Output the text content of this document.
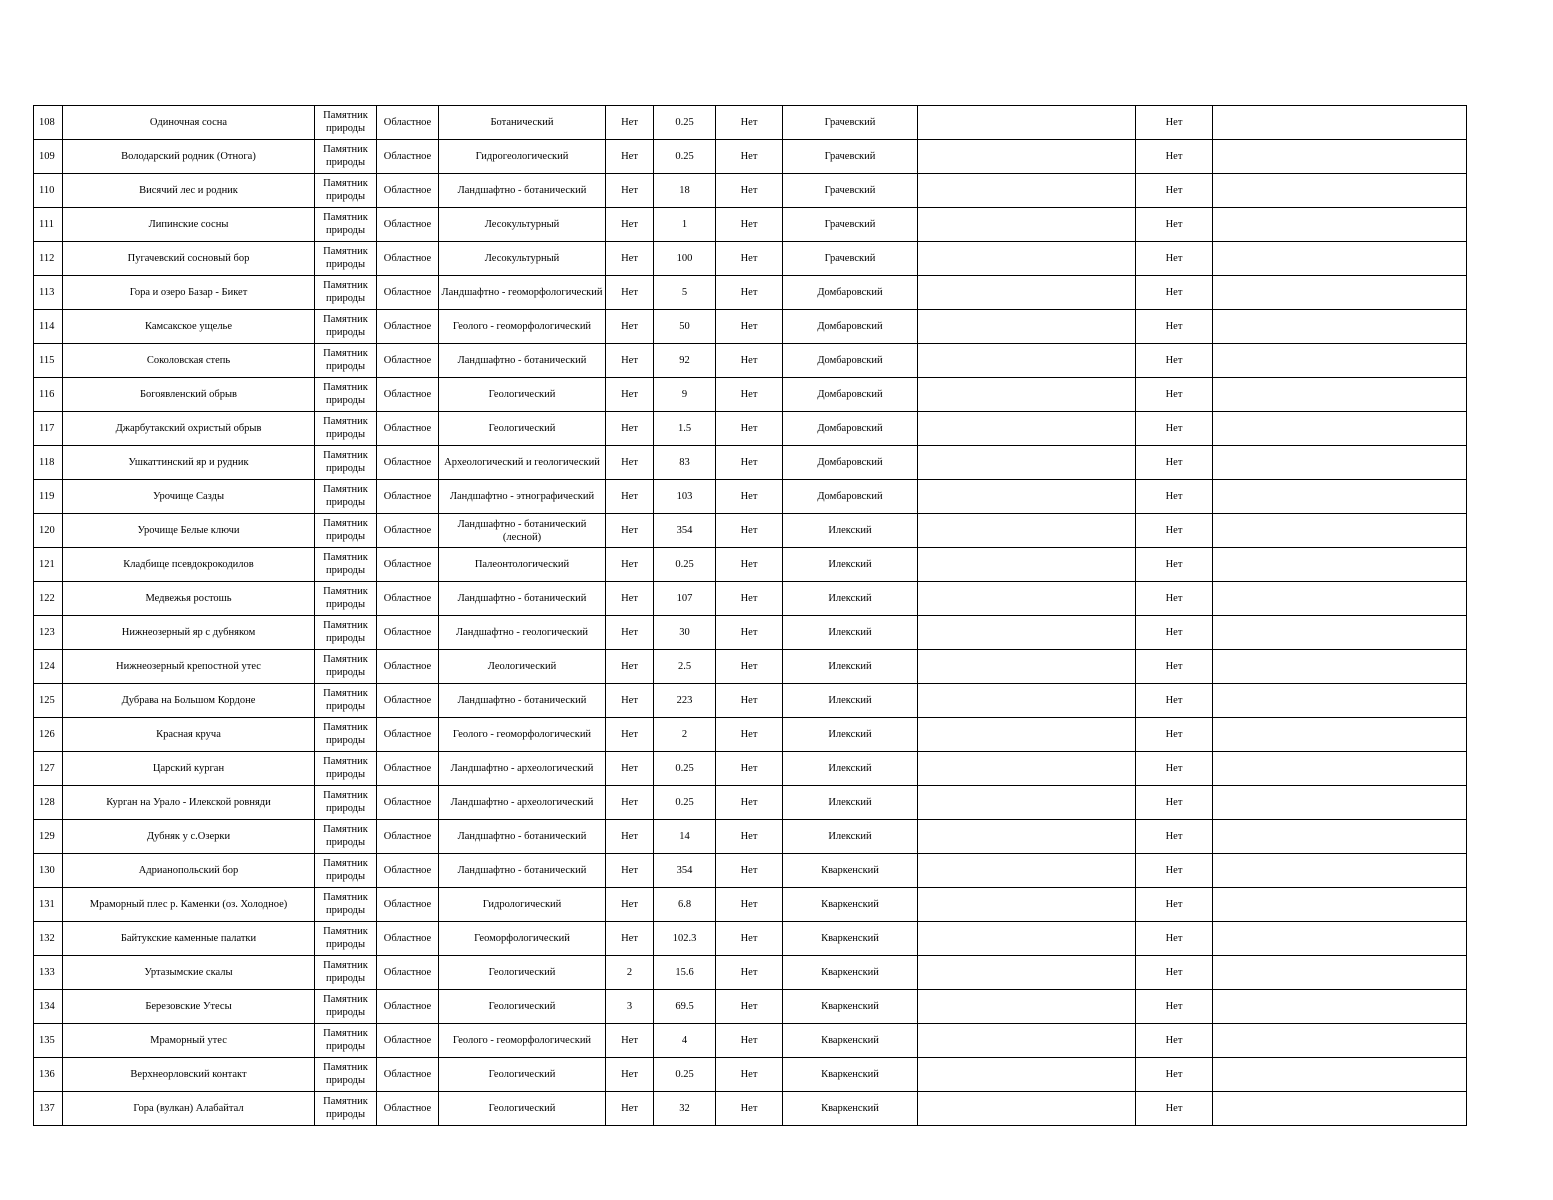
108	Одиночная сосна	Памятник природы	Областное	Ботанический	Нет	0.25	Нет	Грачевский		Нет	
109	Володарский родник (Отнога)	Памятник природы	Областное	Гидрогеологический	Нет	0.25	Нет	Грачевский		Нет	
110	Висячий лес и родник	Памятник природы	Областное	Ландшафтно - ботанический	Нет	18	Нет	Грачевский		Нет	
111	Липинские сосны	Памятник природы	Областное	Лесокультурный	Нет	1	Нет	Грачевский		Нет	
112	Пугачевский сосновый бор	Памятник природы	Областное	Лесокультурный	Нет	100	Нет	Грачевский		Нет	
113	Гора и озеро Базар - Бикет	Памятник природы	Областное	Ландшафтно - геоморфологический	Нет	5	Нет	Домбаровский		Нет	
114	Камсакское ущелье	Памятник природы	Областное	Геолого - геоморфологический	Нет	50	Нет	Домбаровский		Нет	
115	Соколовская степь	Памятник природы	Областное	Ландшафтно - ботанический	Нет	92	Нет	Домбаровский		Нет	
116	Богоявленский обрыв	Памятник природы	Областное	Геологический	Нет	9	Нет	Домбаровский		Нет	
117	Джарбутакский охристый обрыв	Памятник природы	Областное	Геологический	Нет	1.5	Нет	Домбаровский		Нет	
118	Ушкаттинский яр и рудник	Памятник природы	Областное	Археологический и геологический	Нет	83	Нет	Домбаровский		Нет	
119	Урочище Сазды	Памятник природы	Областное	Ландшафтно - этнографический	Нет	103	Нет	Домбаровский		Нет	
120	Урочище Белые ключи	Памятник природы	Областное	Ландшафтно - ботанический (лесной)	Нет	354	Нет	Илекский		Нет	
121	Кладбище псевдокрокодилов	Памятник природы	Областное	Палеонтологический	Нет	0.25	Нет	Илекский		Нет	
122	Медвежья ростошь	Памятник природы	Областное	Ландшафтно - ботанический	Нет	107	Нет	Илекский		Нет	
123	Нижнеозерный яр с дубняком	Памятник природы	Областное	Ландшафтно - геологический	Нет	30	Нет	Илекский		Нет	
124	Нижнеозерный крепостной утес	Памятник природы	Областное	Леологический	Нет	2.5	Нет	Илекский		Нет	
125	Дубрава на Большом Кордоне	Памятник природы	Областное	Ландшафтно - ботанический	Нет	223	Нет	Илекский		Нет	
126	Красная круча	Памятник природы	Областное	Геолого - геоморфологический	Нет	2	Нет	Илекский		Нет	
127	Царский курган	Памятник природы	Областное	Ландшафтно - археологический	Нет	0.25	Нет	Илекский		Нет	
128	Курган на Урало - Илекской ровняди	Памятник природы	Областное	Ландшафтно - археологический	Нет	0.25	Нет	Илекский		Нет	
129	Дубняк у с.Озерки	Памятник природы	Областное	Ландшафтно - ботанический	Нет	14	Нет	Илекский		Нет	
130	Адрианопольский бор	Памятник природы	Областное	Ландшафтно - ботанический	Нет	354	Нет	Кваркенский		Нет	
131	Мраморный плес р. Каменки (оз. Холодное)	Памятник природы	Областное	Гидрологический	Нет	6.8	Нет	Кваркенский		Нет	
132	Байтукские каменные палатки	Памятник природы	Областное	Геоморфологический	Нет	102.3	Нет	Кваркенский		Нет	
133	Уртазымские скалы	Памятник природы	Областное	Геологический	2	15.6	Нет	Кваркенский		Нет	
134	Березовские Утесы	Памятник природы	Областное	Геологический	3	69.5	Нет	Кваркенский		Нет	
135	Мраморный утес	Памятник природы	Областное	Геолого - геоморфологический	Нет	4	Нет	Кваркенский		Нет	
136	Верхнеорловский контакт	Памятник природы	Областное	Геологический	Нет	0.25	Нет	Кваркенский		Нет	
137	Гора (вулкан) Алабайтал	Памятник природы	Областное	Геологический	Нет	32	Нет	Кваркенский		Нет	
